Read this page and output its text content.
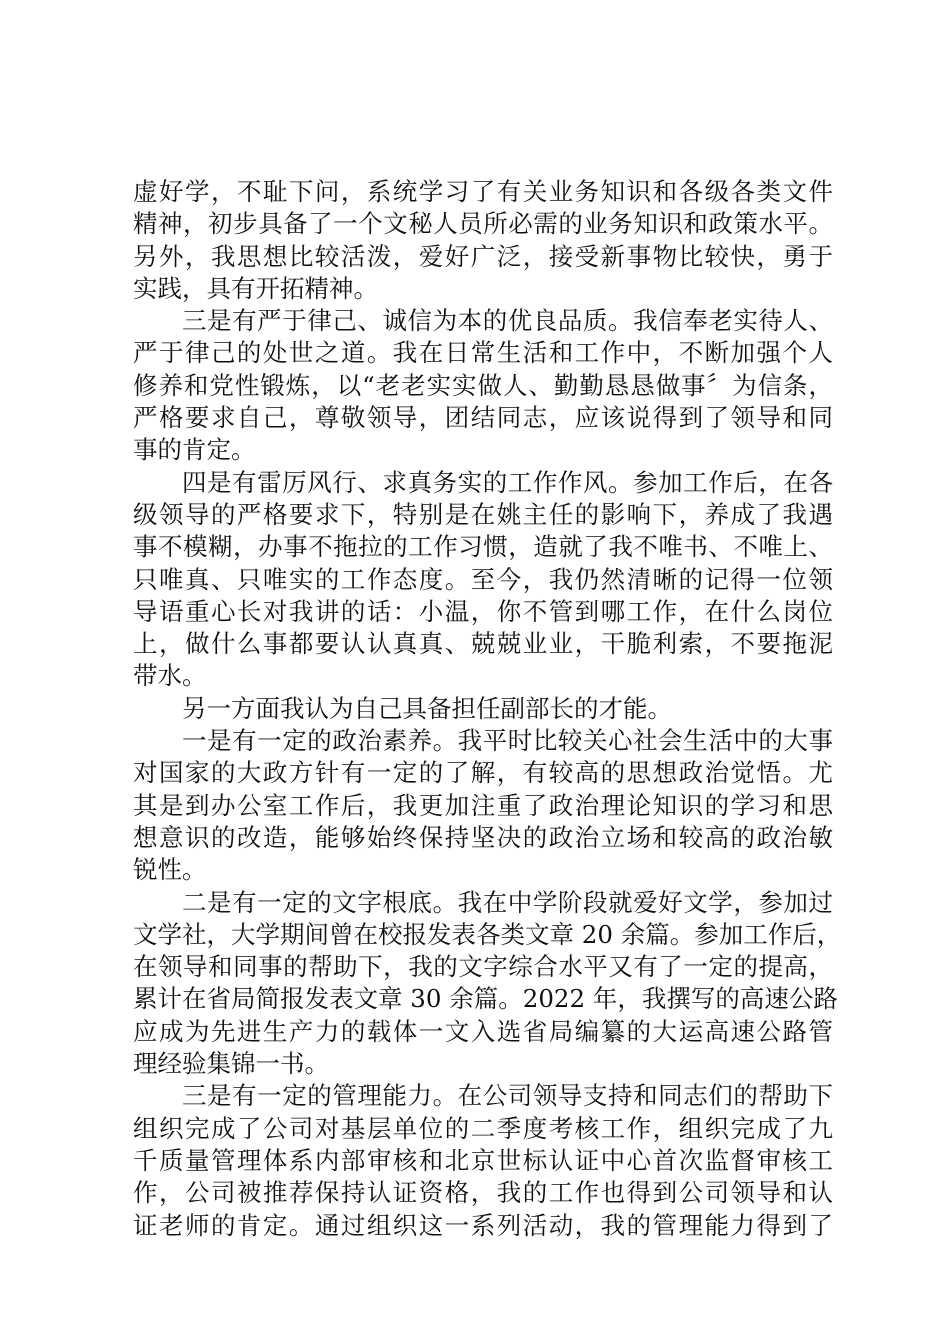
虚好学，不耻下问，系统学习了有关业务知识和各级各类文件
精神，初步具备了一个文秘人员所必需的业务知识和政策水平。
另外，我思想比较活泼，爱好广泛，接受新事物比较快，勇于
实践，具有开拓精神。
三是有严于律己、诚信为本的优良品质。我信奉老实待人、
严于律己的处世之道。我在日常生活和工作中，不断加强个人
修养和党性锻炼，以“老老实实做人、勤勤恳恳做事〞为信条，
严格要求自己，尊敬领导，团结同志，应该说得到了领导和同
事的肯定。
四是有雷厉风行、求真务实的工作作风。参加工作后，在各
级领导的严格要求下，特别是在姚主任的影响下，养成了我遇
事不模糊，办事不拖拉的工作习惯，造就了我不唯书、不唯上、
只唯真、只唯实的工作态度。至今，我仍然清晰的记得一位领
导语重心长对我讲的话：小温，你不管到哪工作，在什么岗位
上，做什么事都要认认真真、兢兢业业，干脆利索，不要拖泥
带水。
另一方面我认为自己具备担任副部长的才能。
一是有一定的政治素养。我平时比较关心社会生活中的大事
对国家的大政方针有一定的了解，有较高的思想政治觉悟。尤
其是到办公室工作后，我更加注重了政治理论知识的学习和思
想意识的改造，能够始终保持坚决的政治立场和较高的政治敏
锐性。
二是有一定的文字根底。我在中学阶段就爱好文学，参加过
文学社，大学期间曾在校报发表各类文章 20 余篇。参加工作后，
在领导和同事的帮助下，我的文字综合水平又有了一定的提高，
累计在省局简报发表文章 30 余篇。2022 年，我撰写的高速公路
应成为先进生产力的载体一文入选省局编纂的大运高速公路管
理经验集锦一书。
三是有一定的管理能力。在公司领导支持和同志们的帮助下
组织完成了公司对基层单位的二季度考核工作，组织完成了九
千质量管理体系内部审核和北京世标认证中心首次监督审核工
作，公司被推荐保持认证资格，我的工作也得到公司领导和认
证老师的肯定。通过组织这一系列活动，我的管理能力得到了
